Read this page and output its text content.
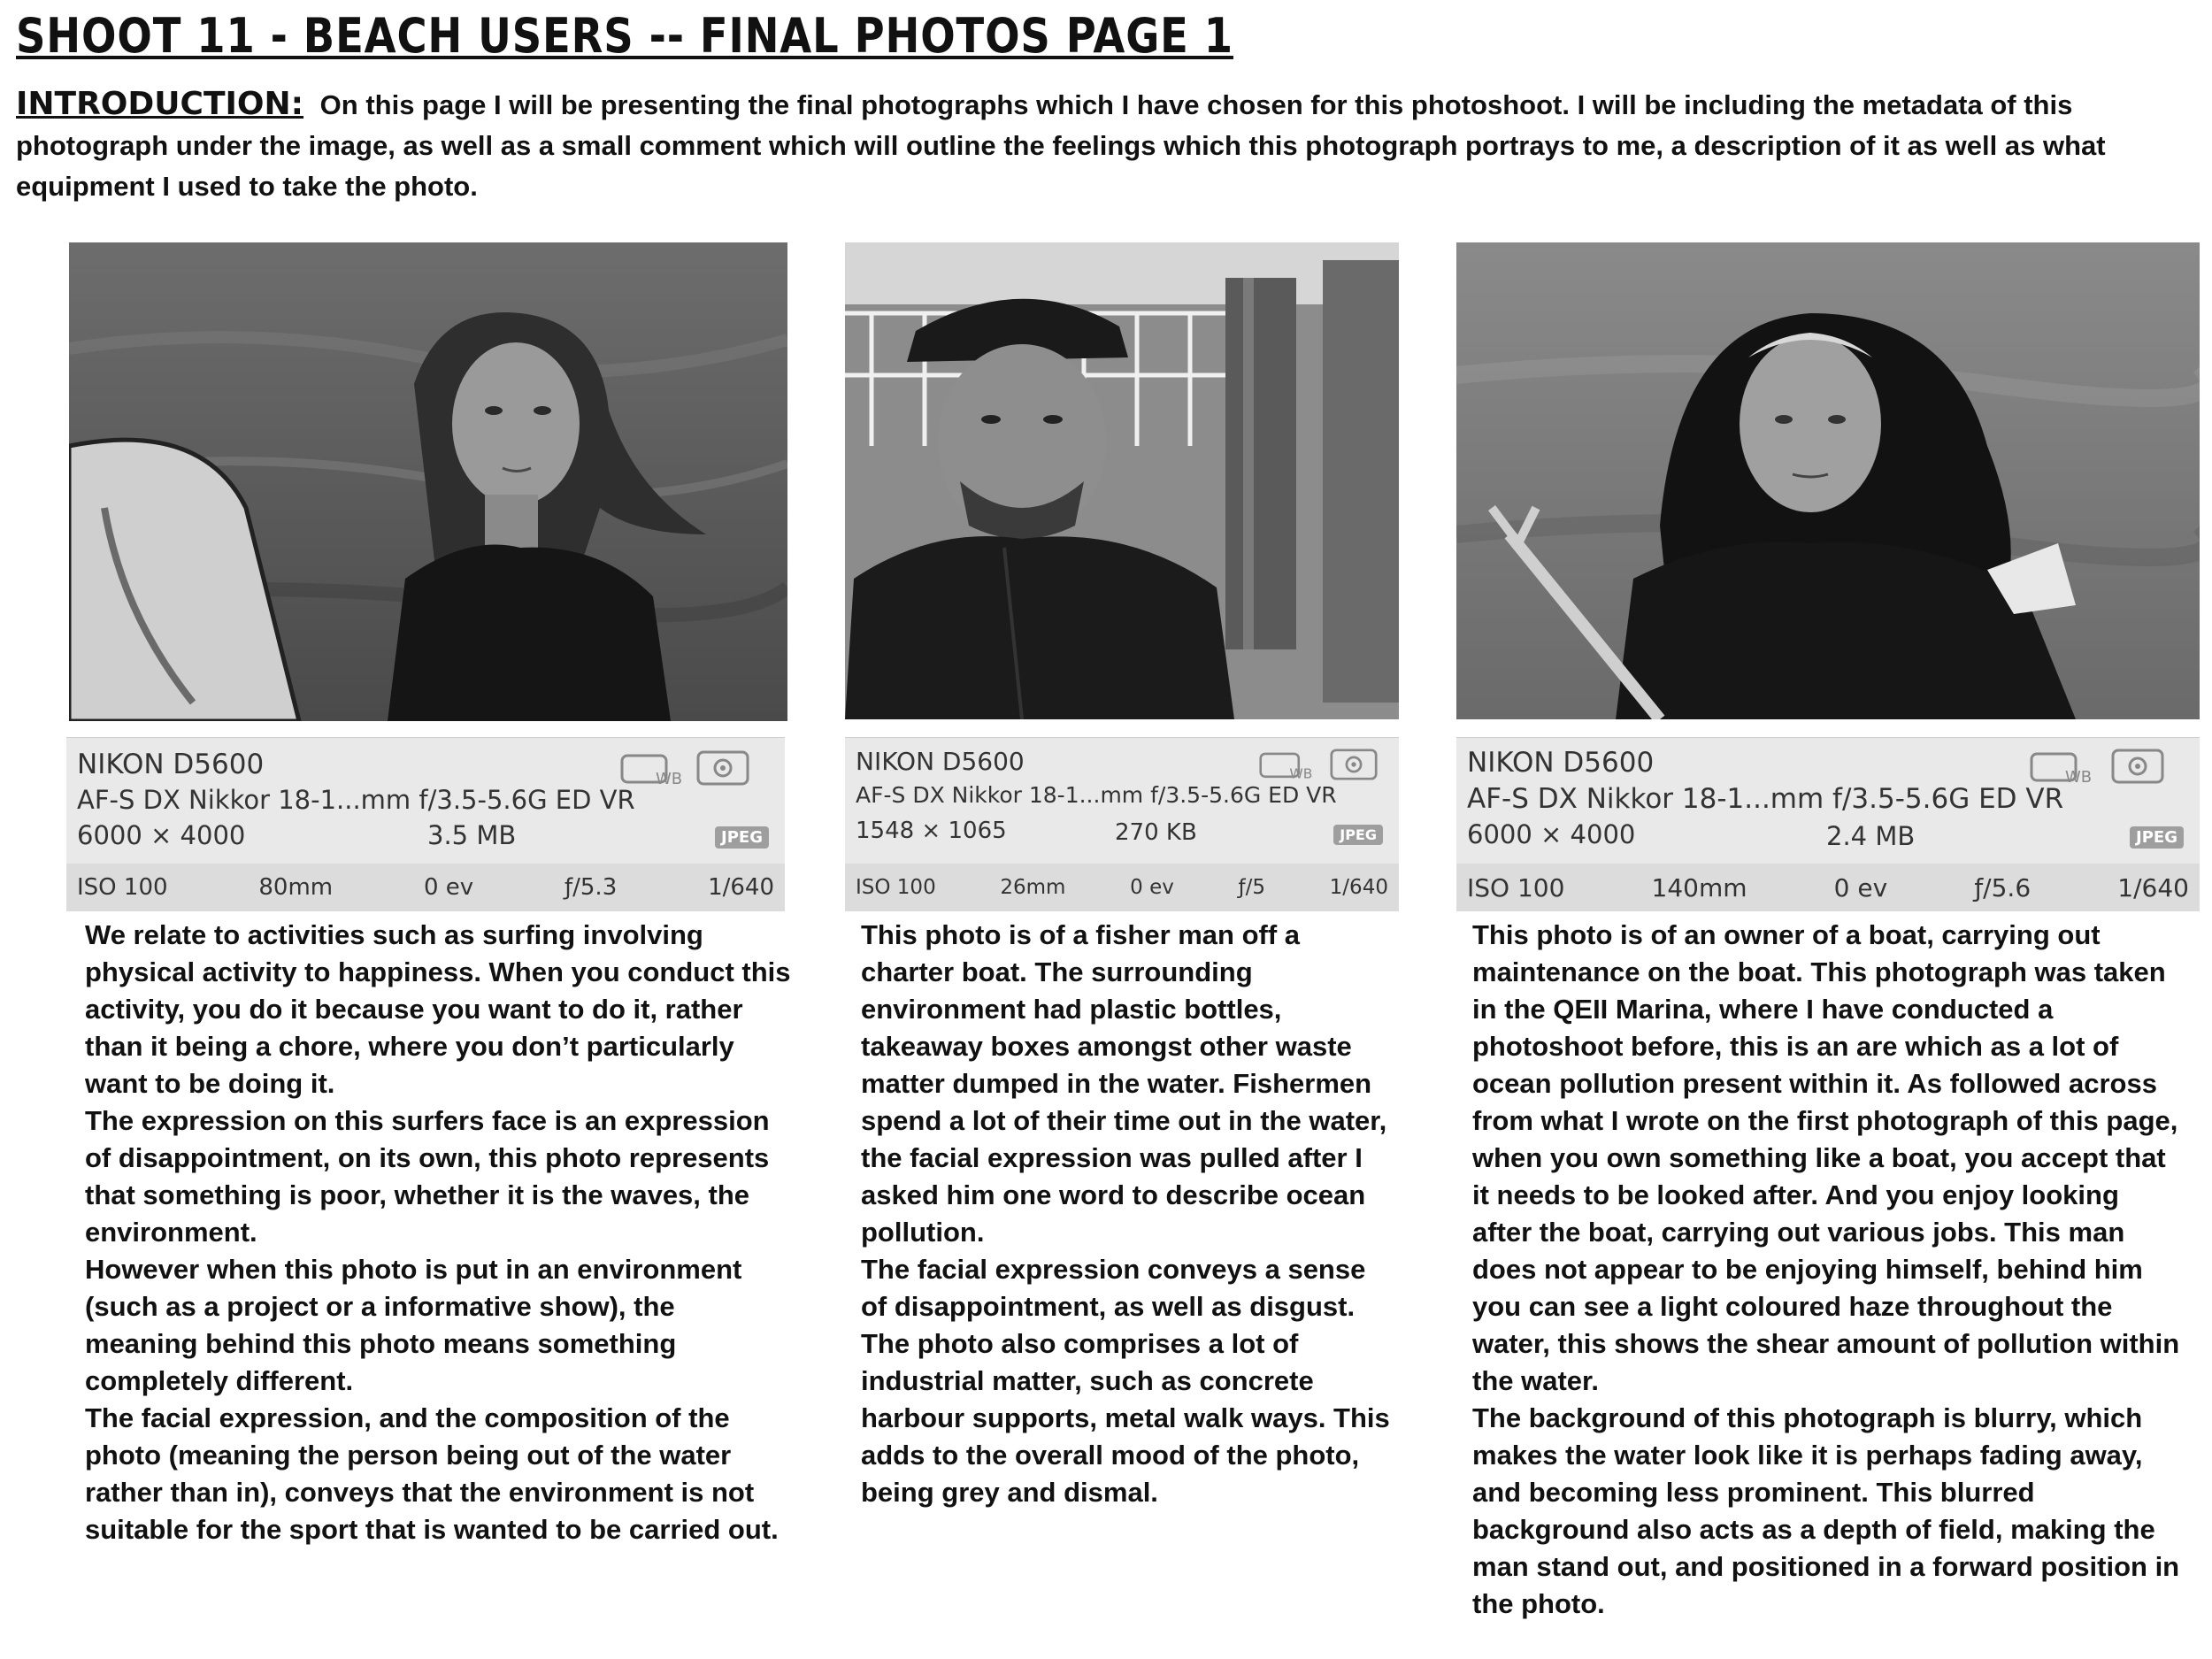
SHOOT 11 - BEACH USERS -- FINAL PHOTOS PAGE 1
INTRODUCTION: On this page I will be presenting the final photographs which I have chosen for this photoshoot. I will be including the metadata of this photograph under the image, as well as a small comment which will outline the feelings which this photograph portrays to me, a description of it as well as what equipment I used to take the photo.
NIKON D5600
AF-S DX Nikkor 18-1...mm f/3.5-5.6G ED VR
6000 × 4000	3.5 MB	JPEG
WB
ISO 100	80mm	0 ev	ƒ/5.3	1/640
NIKON D5600
AF-S DX Nikkor 18-1...mm f/3.5-5.6G ED VR
1548 × 1065	270 KB	JPEG
WB
ISO 100	26mm	0 ev	ƒ/5	1/640
NIKON D5600
AF-S DX Nikkor 18-1...mm f/3.5-5.6G ED VR
6000 × 4000	2.4 MB	JPEG
WB
ISO 100	140mm	0 ev	ƒ/5.6	1/640

We relate to activities such as surfing involving physical activity to happiness. When you conduct this activity, you do it because you want to do it, rather than it being a chore, where you don’t particularly want to be doing it.

The expression on this surfers face is an expression of disappointment, on its own, this photo represents that something is poor, whether it is the waves, the environment.

However when this photo is put in an environment (such as a project or a informative show), the meaning behind this photo means something completely different.

The facial expression, and the composition of the photo (meaning the person being out of the water rather than in), conveys that the environment is not suitable for the sport that is wanted to be carried out.

This photo is of a fisher man off a charter boat. The surrounding environment had plastic bottles, takeaway boxes amongst other waste matter dumped in the water. Fishermen spend a lot of their time out in the water, the facial expression was pulled after I asked him one word to describe ocean pollution.

The facial expression conveys a sense of disappointment, as well as disgust. The photo also comprises a lot of industrial matter, such as concrete harbour supports, metal walk ways. This adds to the overall mood of the photo, being grey and dismal.

This photo is of an owner of a boat, carrying out maintenance on the boat. This photograph was taken in the QEII Marina, where I have conducted a photoshoot before, this is an are which as a lot of ocean pollution present within it. As followed across from what I wrote on the first photograph of this page, when you own something like a boat, you accept that it needs to be looked after. And you enjoy looking after the boat, carrying out various jobs. This man does not appear to be enjoying himself, behind him you can see a light coloured haze throughout the water, this shows the shear amount of pollution within the water.

The background of this photograph is blurry, which makes the water look like it is perhaps fading away, and becoming less prominent. This blurred background also acts as a depth of field, making the man stand out, and positioned in a forward position in the photo.
